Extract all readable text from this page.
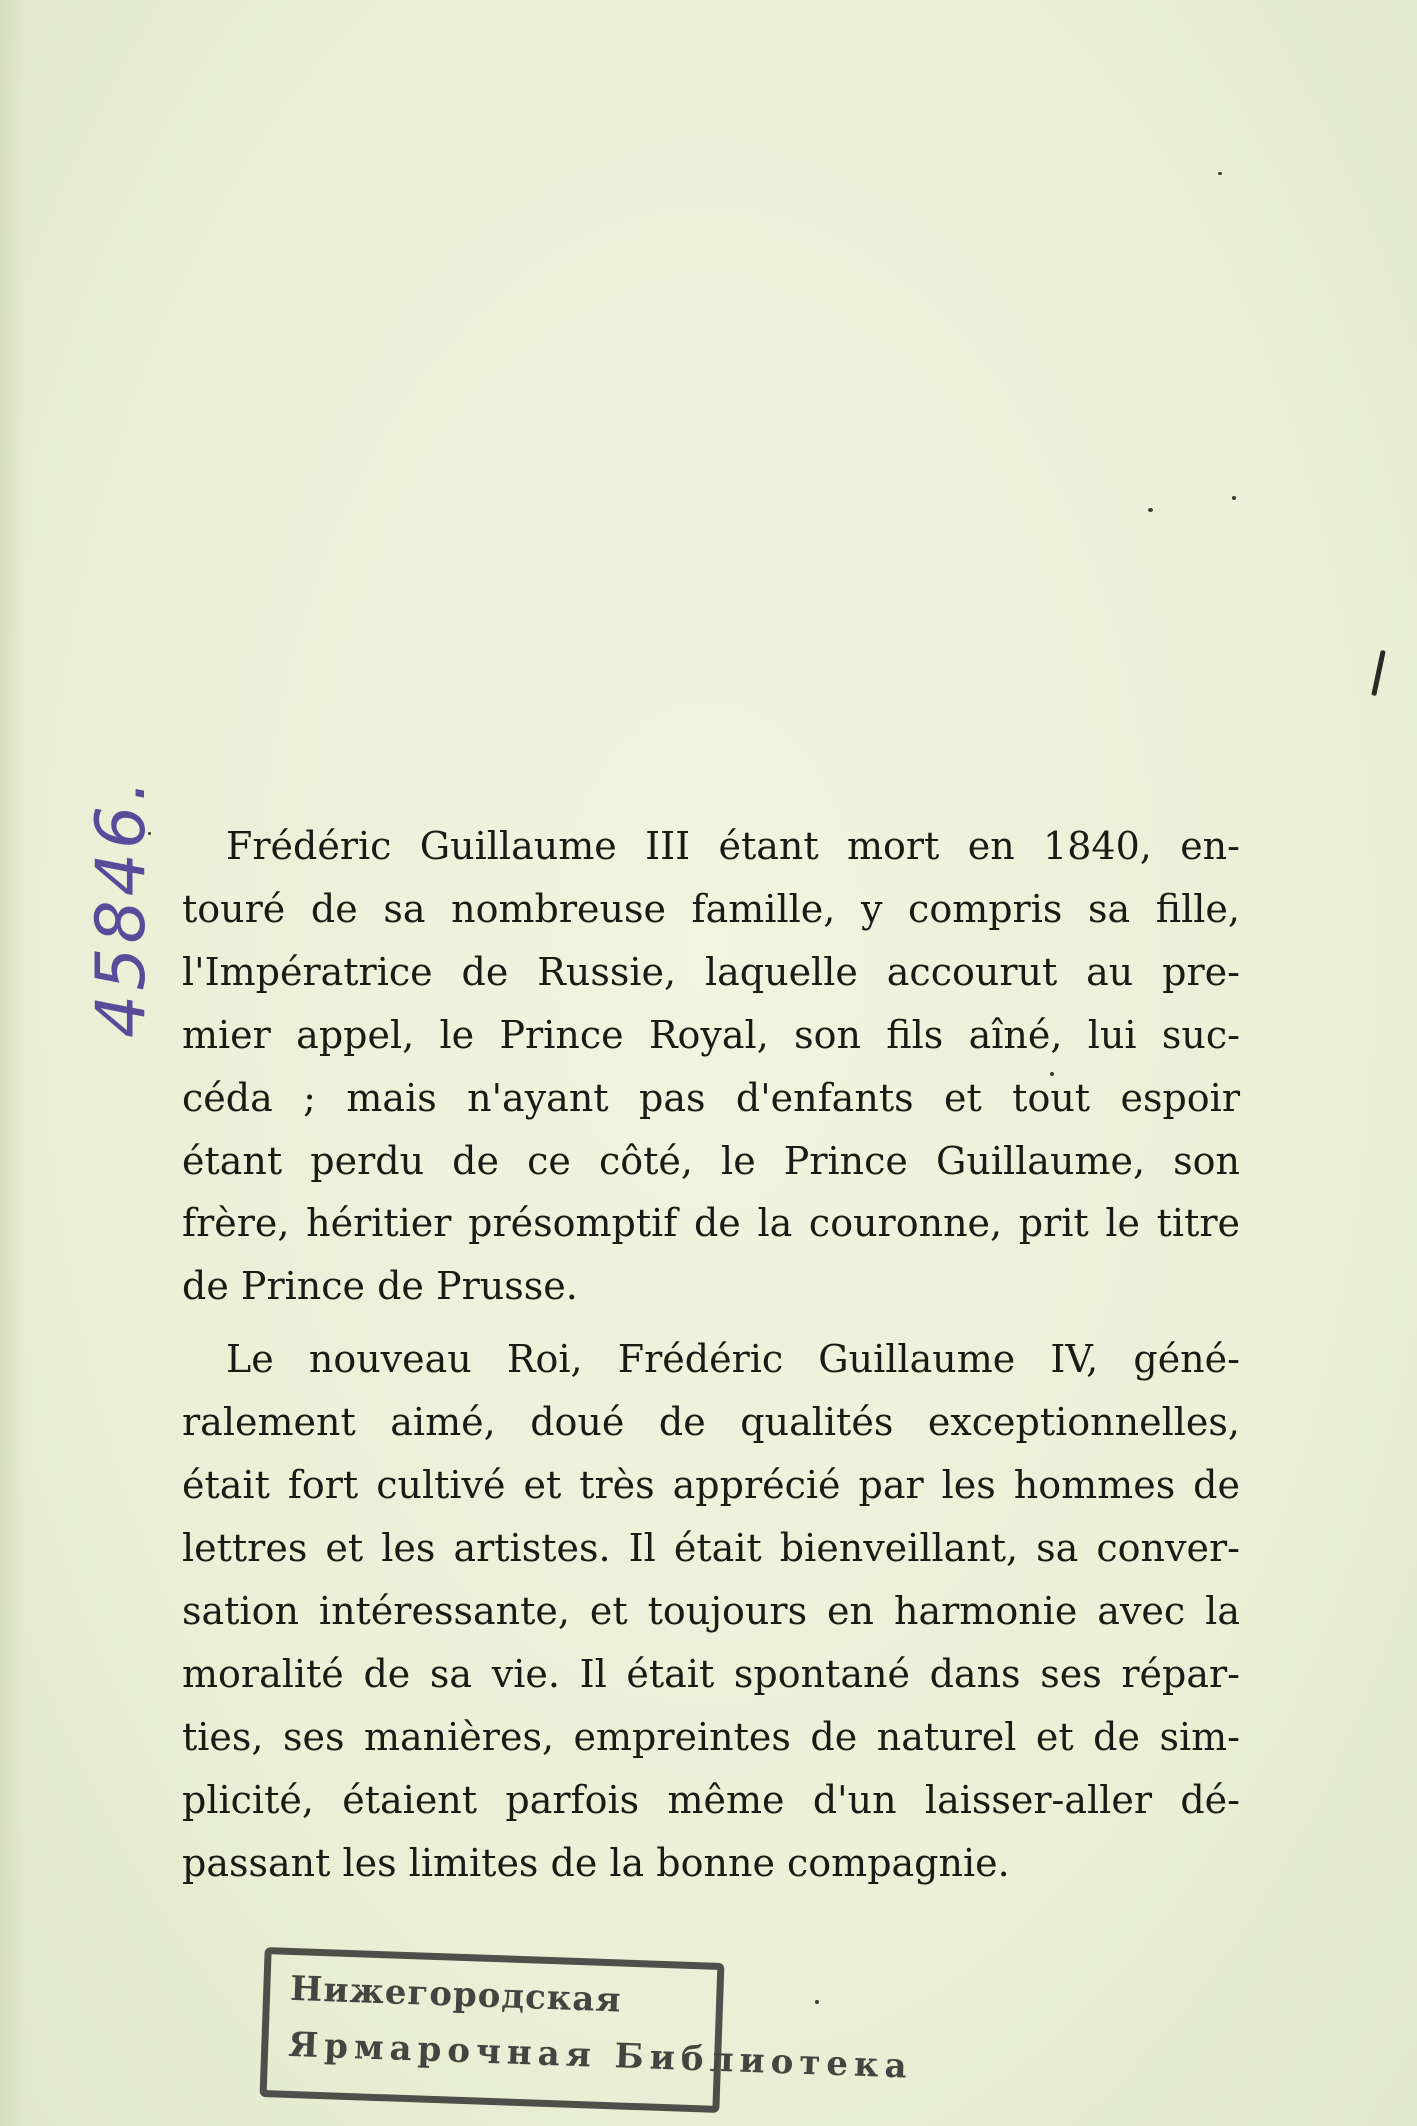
45846.	Frédéric Guillaume III étant mort en 1840, en-
touré de sa nombreuse famille, y compris sa fille,
l'Impératrice de Russie, laquelle accourut au pre-
mier appel, le Prince Royal, son fils aîné, lui suc-
céda ; mais n'ayant pas d'enfants et tout espoir
étant perdu de ce côté, le Prince Guillaume, son
frère, héritier présomptif de la couronne, prit le titre
de Prince de Prusse.

Le nouveau Roi, Frédéric Guillaume IV, géné-
ralement aimé, doué de qualités exceptionnelles,
était fort cultivé et très apprécié par les hommes de
lettres et les artistes. Il était bienveillant, sa conver-
sation intéressante, et toujours en harmonie avec la
moralité de sa vie. Il était spontané dans ses répar-
ties, ses manières, empreintes de naturel et de sim-
plicité, étaient parfois même d'un laisser-aller dé-
passant les limites de la bonne compagnie.

Нижегородская
Ярмарочная Библиотека
